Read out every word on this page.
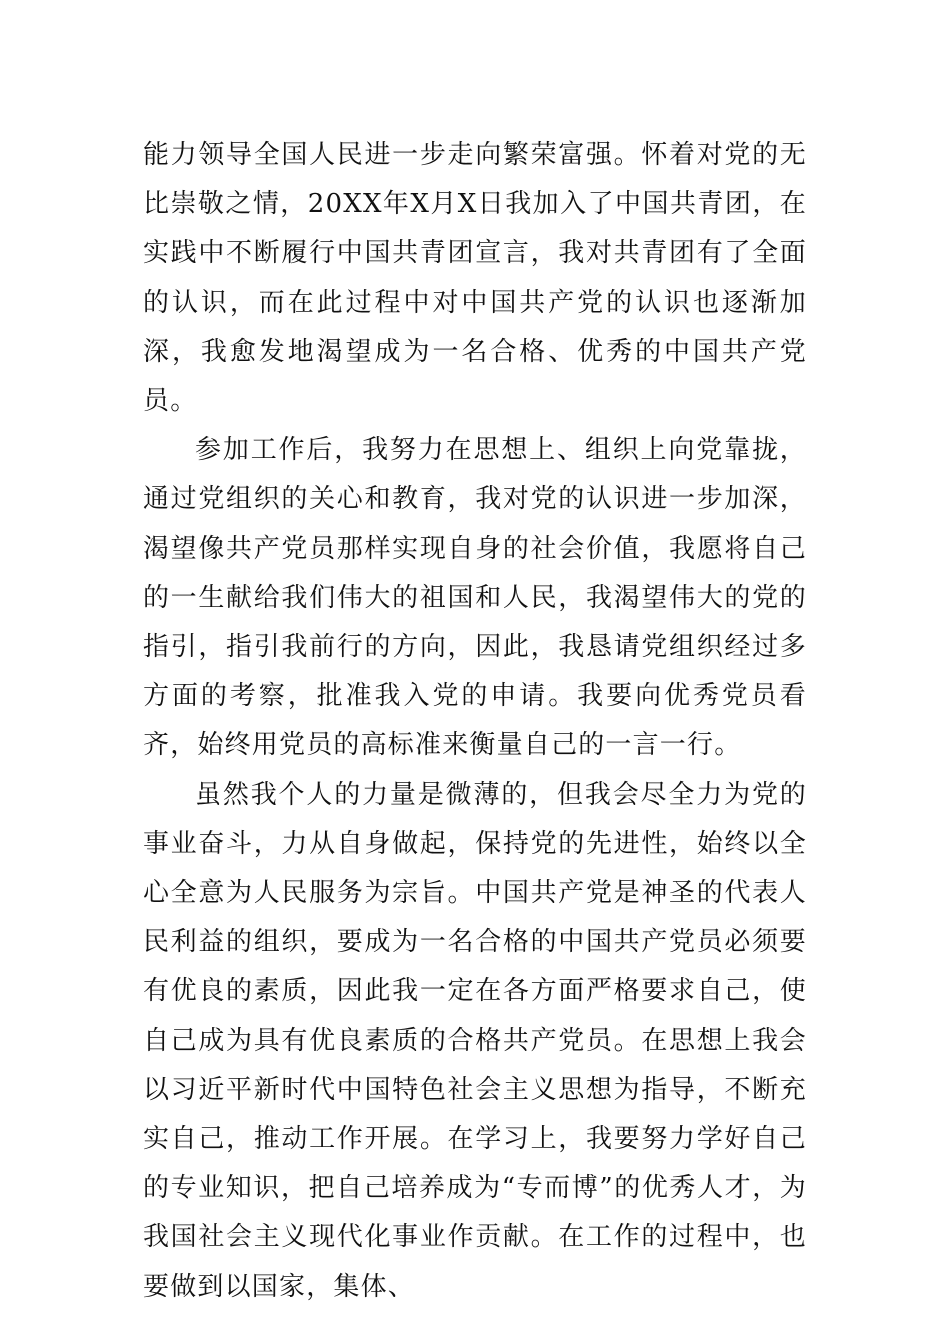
能力领导全国人民进一步走向繁荣富强。怀着对党的无比崇敬之情，20XX年X月X日我加入了中国共青团，在实践中不断履行中国共青团宣言，我对共青团有了全面的认识，而在此过程中对中国共产党的认识也逐渐加深，我愈发地渴望成为一名合格、优秀的中国共产党员。

参加工作后，我努力在思想上、组织上向党靠拢，通过党组织的关心和教育，我对党的认识进一步加深，渴望像共产党员那样实现自身的社会价值，我愿将自己的一生献给我们伟大的祖国和人民，我渴望伟大的党的指引，指引我前行的方向，因此，我恳请党组织经过多方面的考察，批准我入党的申请。我要向优秀党员看齐，始终用党员的高标准来衡量自己的一言一行。

虽然我个人的力量是微薄的，但我会尽全力为党的事业奋斗，力从自身做起，保持党的先进性，始终以全心全意为人民服务为宗旨。中国共产党是神圣的代表人民利益的组织，要成为一名合格的中国共产党员必须要有优良的素质，因此我一定在各方面严格要求自己，使自己成为具有优良素质的合格共产党员。在思想上我会以习近平新时代中国特色社会主义思想为指导，不断充实自己，推动工作开展。在学习上，我要努力学好自己的专业知识，把自己培养成为“专而博”的优秀人才，为我国社会主义现代化事业作贡献。在工作的过程中，也要做到以国家，集体、
